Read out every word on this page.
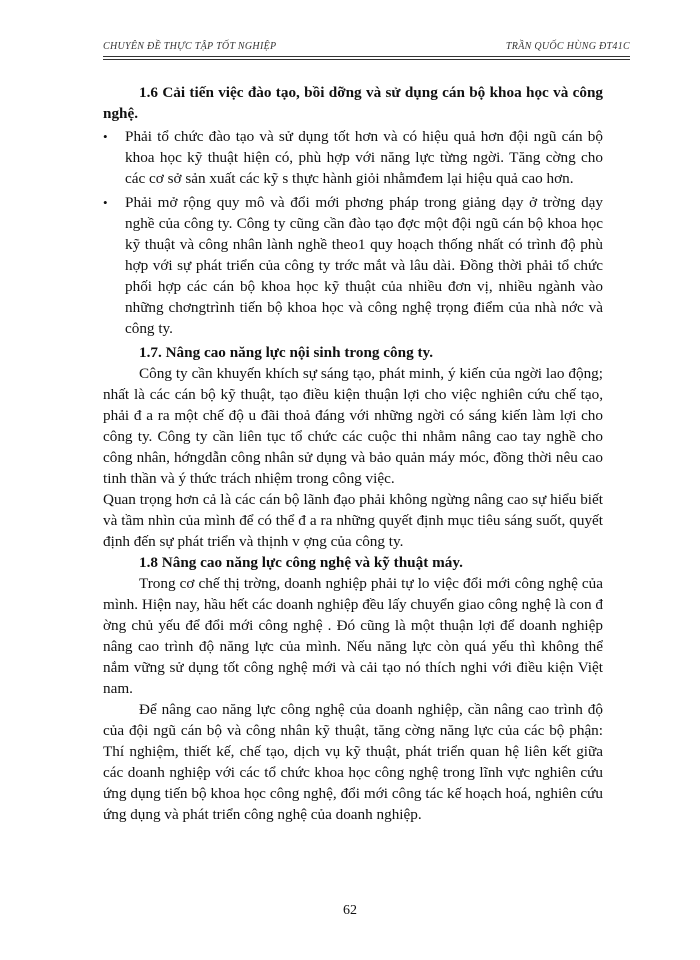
CHUYÊN ĐỀ THỰC TẬP TỐT NGHIỆP	TRẦN QUỐC HÙNG ĐT41C
1.6 Cải tiến việc đào tạo, bồi dỡng và sử dụng cán bộ khoa học và công nghệ.

• Phải tổ chức đào tạo và sử dụng tốt hơn và có hiệu quả hơn đội ngũ cán bộ khoa học kỹ thuật hiện có, phù hợp với năng lực từng ngời. Tăng cờng cho các cơ sở sản xuất các kỹ s thực hành giỏi nhằmđem lại hiệu quả cao hơn.

• Phải mở rộng quy mô và đổi mới phơng pháp trong giảng dạy ở trờng dạy nghề của công ty. Công ty cũng cần đào tạo đợc một đội ngũ cán bộ khoa học kỹ thuật và công nhân lành nghề theo1 quy hoạch thống nhất có trình độ phù hợp với sự phát triển của công ty trớc mắt và lâu dài. Đồng thời phải tổ chức phối hợp các cán bộ khoa học kỹ thuật của nhiều đơn vị, nhiều ngành vào những chơngtrình tiến bộ khoa học và công nghệ trọng điểm của nhà nớc và công ty.

1.7. Nâng cao năng lực nội sinh trong công ty.

Công ty cần khuyến khích sự sáng tạo, phát minh, ý kiến của ngời lao động; nhất là các cán bộ kỹ thuật, tạo điều kiện thuận lợi cho việc nghiên cứu chế tạo, phải đ a ra một chế độ u đãi thoả đáng với những ngời có sáng kiến làm lợi cho công ty. Công ty cần liên tục tổ chức các cuộc thi nhằm nâng cao tay nghề cho công nhân, hớngdẫn công nhân sử dụng và bảo quản máy móc, đồng thời nêu cao tinh thần và ý thức trách nhiệm trong công việc.

Quan trọng hơn cả là các cán bộ lãnh đạo phải không ngừng nâng cao sự hiểu biết và tầm nhìn của mình để có thể đ a ra những quyết định mục tiêu sáng suốt, quyết định đến sự phát triển và thịnh v ợng của công ty.

1.8 Nâng cao năng lực công nghệ và kỹ thuật máy.

Trong cơ chế thị trờng, doanh nghiệp phải tự lo việc đổi mới công nghệ của mình. Hiện nay, hầu hết các doanh nghiệp đều lấy chuyển giao công nghệ là con đ ờng chủ yếu để đổi mới công nghệ . Đó cũng là một thuận lợi để doanh nghiệp nâng cao trình độ năng lực của mình. Nếu năng lực còn quá yếu thì không thể nắm vững sử dụng tốt công nghệ mới và cải tạo nó thích nghi với điều kiện Việt nam.

Để nâng cao năng lực công nghệ của doanh nghiệp, cần nâng cao trình độ của đội ngũ cán bộ và công nhân kỹ thuật, tăng cờng năng lực của các bộ phận: Thí nghiệm, thiết kế, chế tạo, dịch vụ kỹ thuật, phát triển quan hệ liên kết giữa các doanh nghiệp với các tổ chức khoa học công nghệ trong lĩnh vực nghiên cứu ứng dụng tiến bộ khoa học công nghệ, đổi mới công tác kế hoạch hoá, nghiên cứu ứng dụng và phát triển công nghệ của doanh nghiệp.

62
